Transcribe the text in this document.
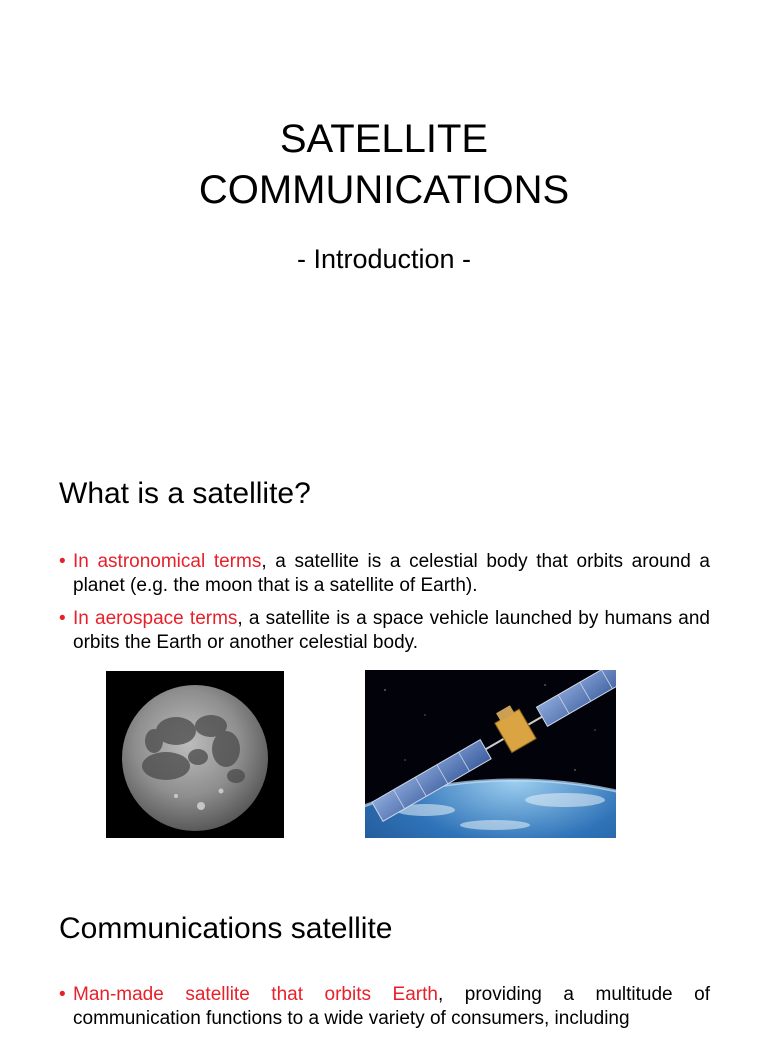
SATELLITE
COMMUNICATIONS
- Introduction -
What is a satellite?
• In astronomical terms, a satellite is a celestial body that orbits around a planet (e.g. the moon that is a satellite of Earth).
• In aerospace terms, a satellite is a space vehicle launched by humans and orbits the Earth or another celestial body.
Communications satellite
• Man-made satellite that orbits Earth, providing a multitude of communication functions to a wide variety of consumers, including
